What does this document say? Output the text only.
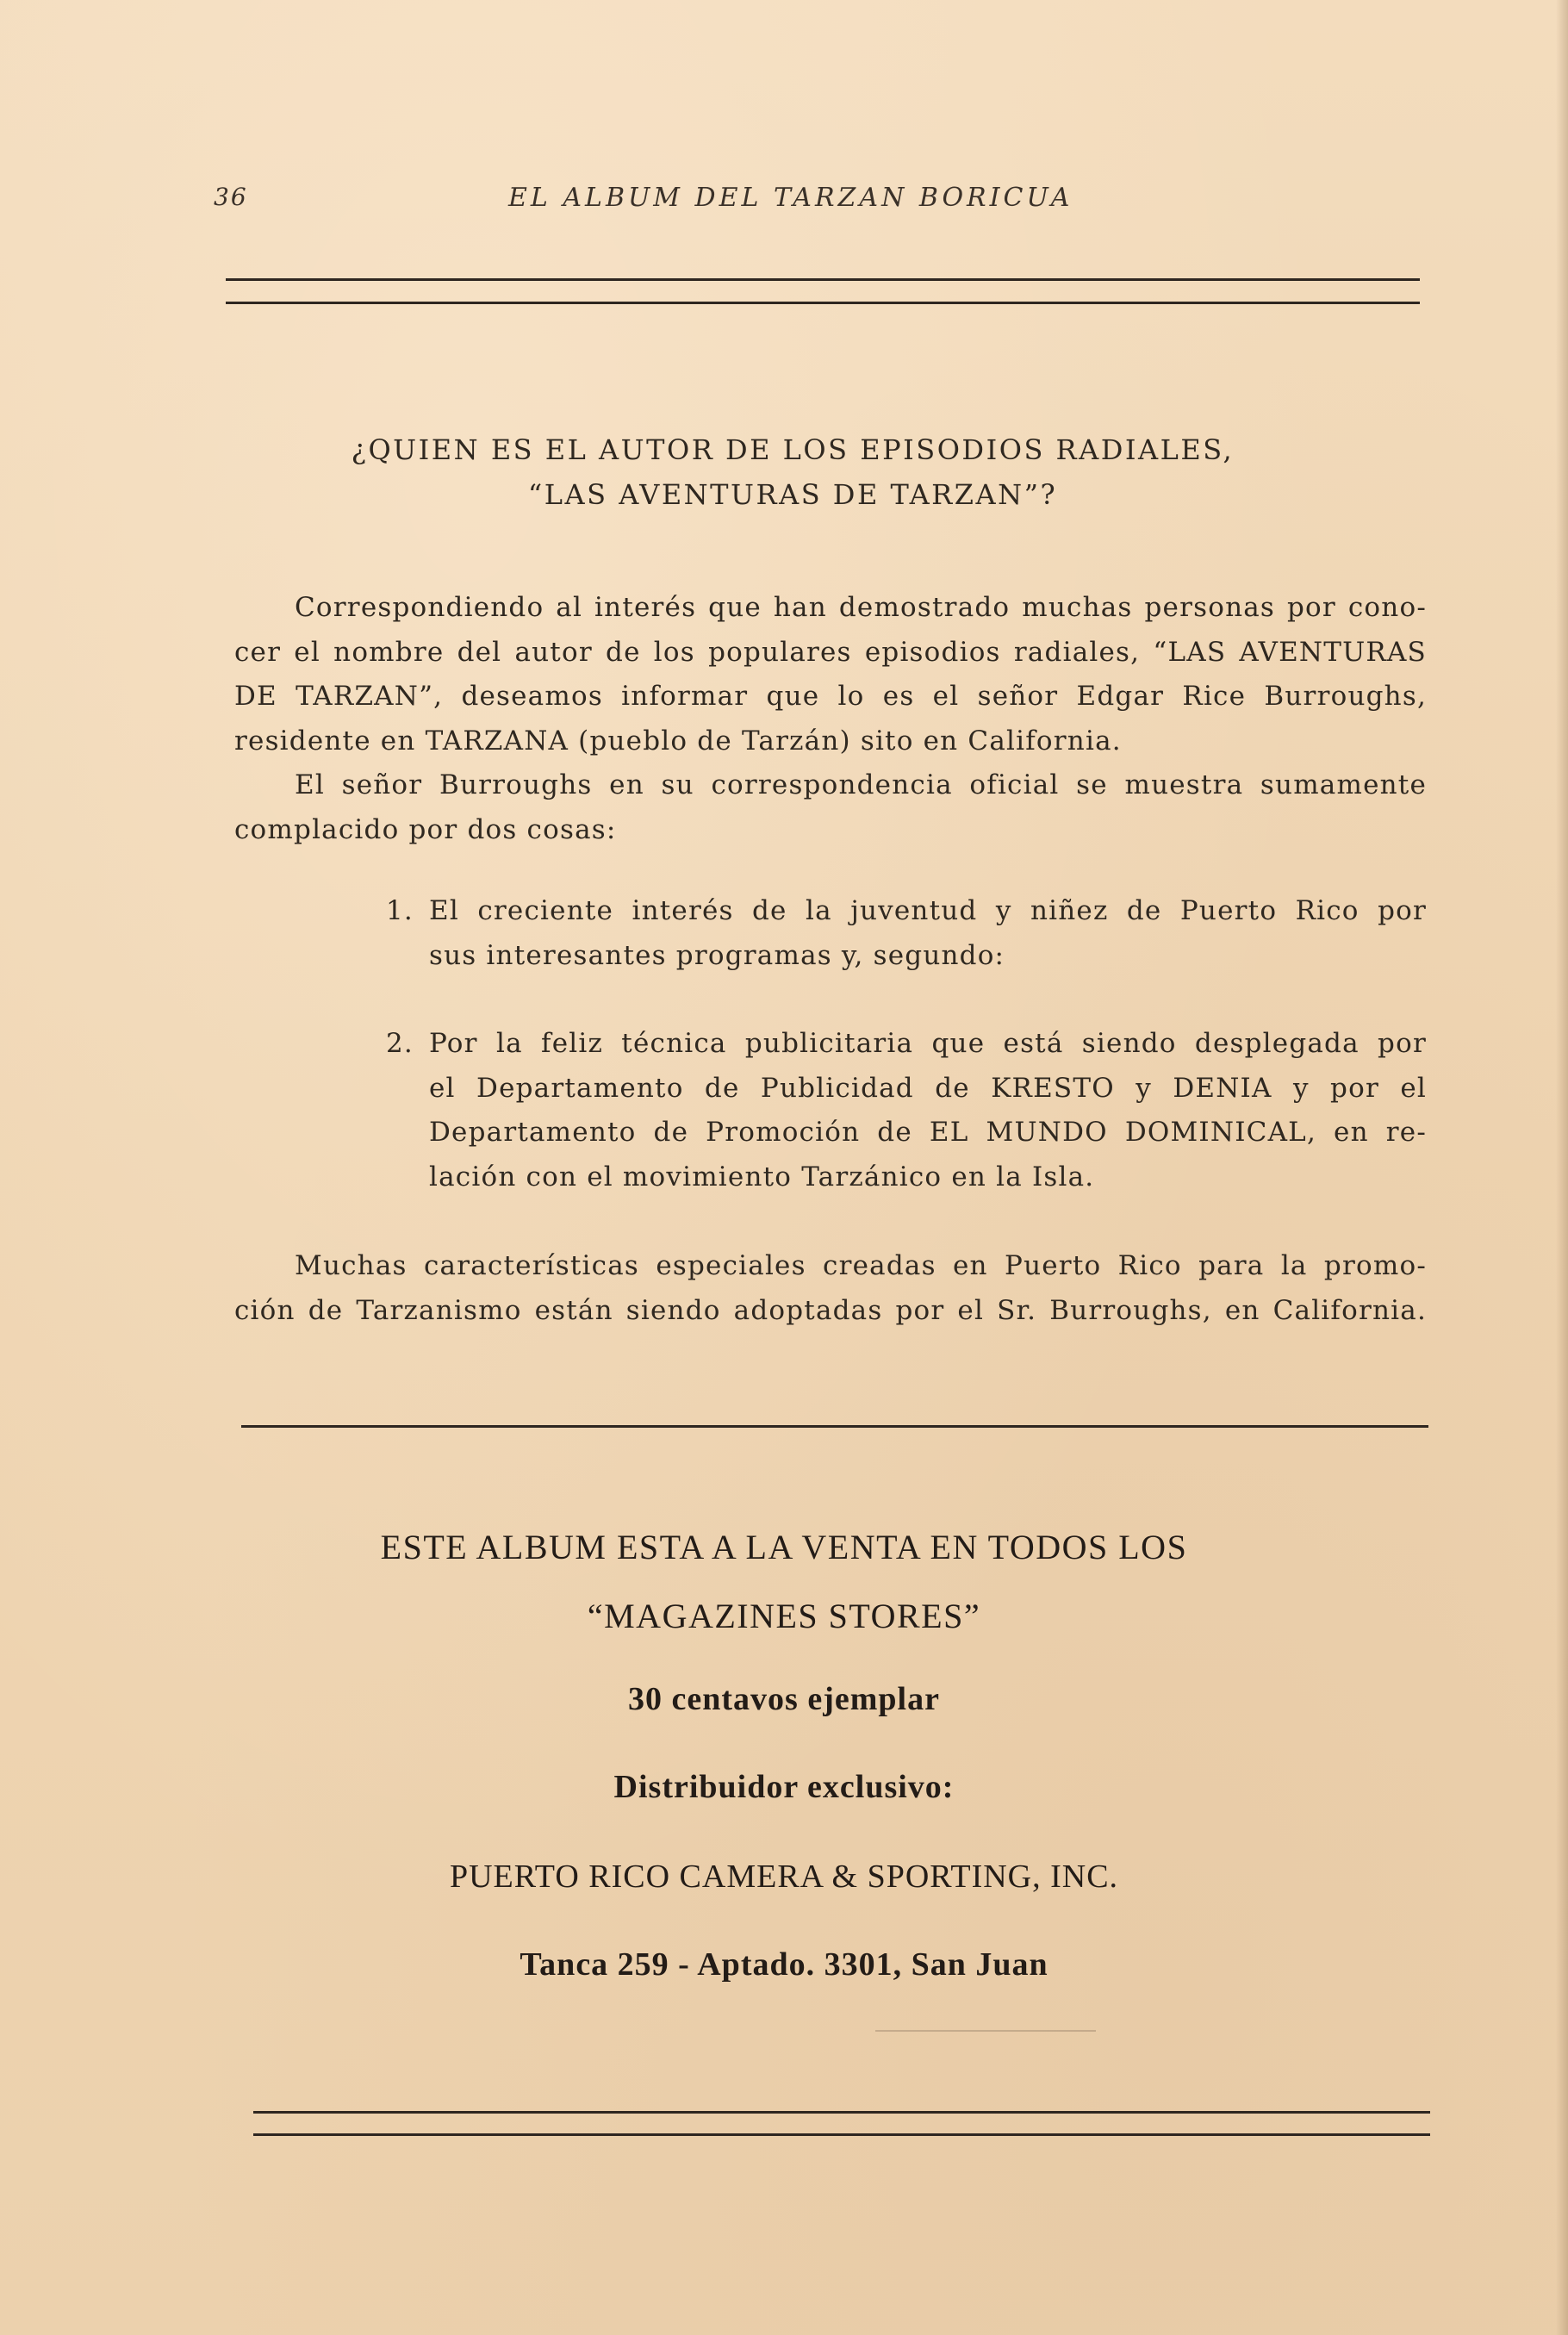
36	EL ALBUM DEL TARZAN BORICUA
¿QUIEN ES EL AUTOR DE LOS EPISODIOS RADIALES,
“LAS AVENTURAS DE TARZAN”?
Correspondiendo al interés que han demostrado muchas personas por cono-
cer el nombre del autor de los populares episodios radiales, “LAS AVENTURAS
DE TARZAN”, deseamos informar que lo es el señor Edgar Rice Burroughs,
residente en TARZANA (pueblo de Tarzán) sito en California.
El señor Burroughs en su correspondencia oficial se muestra sumamente
complacido por dos cosas:
1. El creciente interés de la juventud y niñez de Puerto Rico por
sus interesantes programas y, segundo:
2. Por la feliz técnica publicitaria que está siendo desplegada por
el Departamento de Publicidad de KRESTO y DENIA y por el
Departamento de Promoción de EL MUNDO DOMINICAL, en re-
lación con el movimiento Tarzánico en la Isla.
Muchas características especiales creadas en Puerto Rico para la promo-
ción de Tarzanismo están siendo adoptadas por el Sr. Burroughs, en California.
ESTE ALBUM ESTA A LA VENTA EN TODOS LOS
“MAGAZINES STORES”
30 centavos ejemplar
Distribuidor exclusivo:
PUERTO RICO CAMERA & SPORTING, INC.
Tanca 259 - Aptado. 3301, San Juan
